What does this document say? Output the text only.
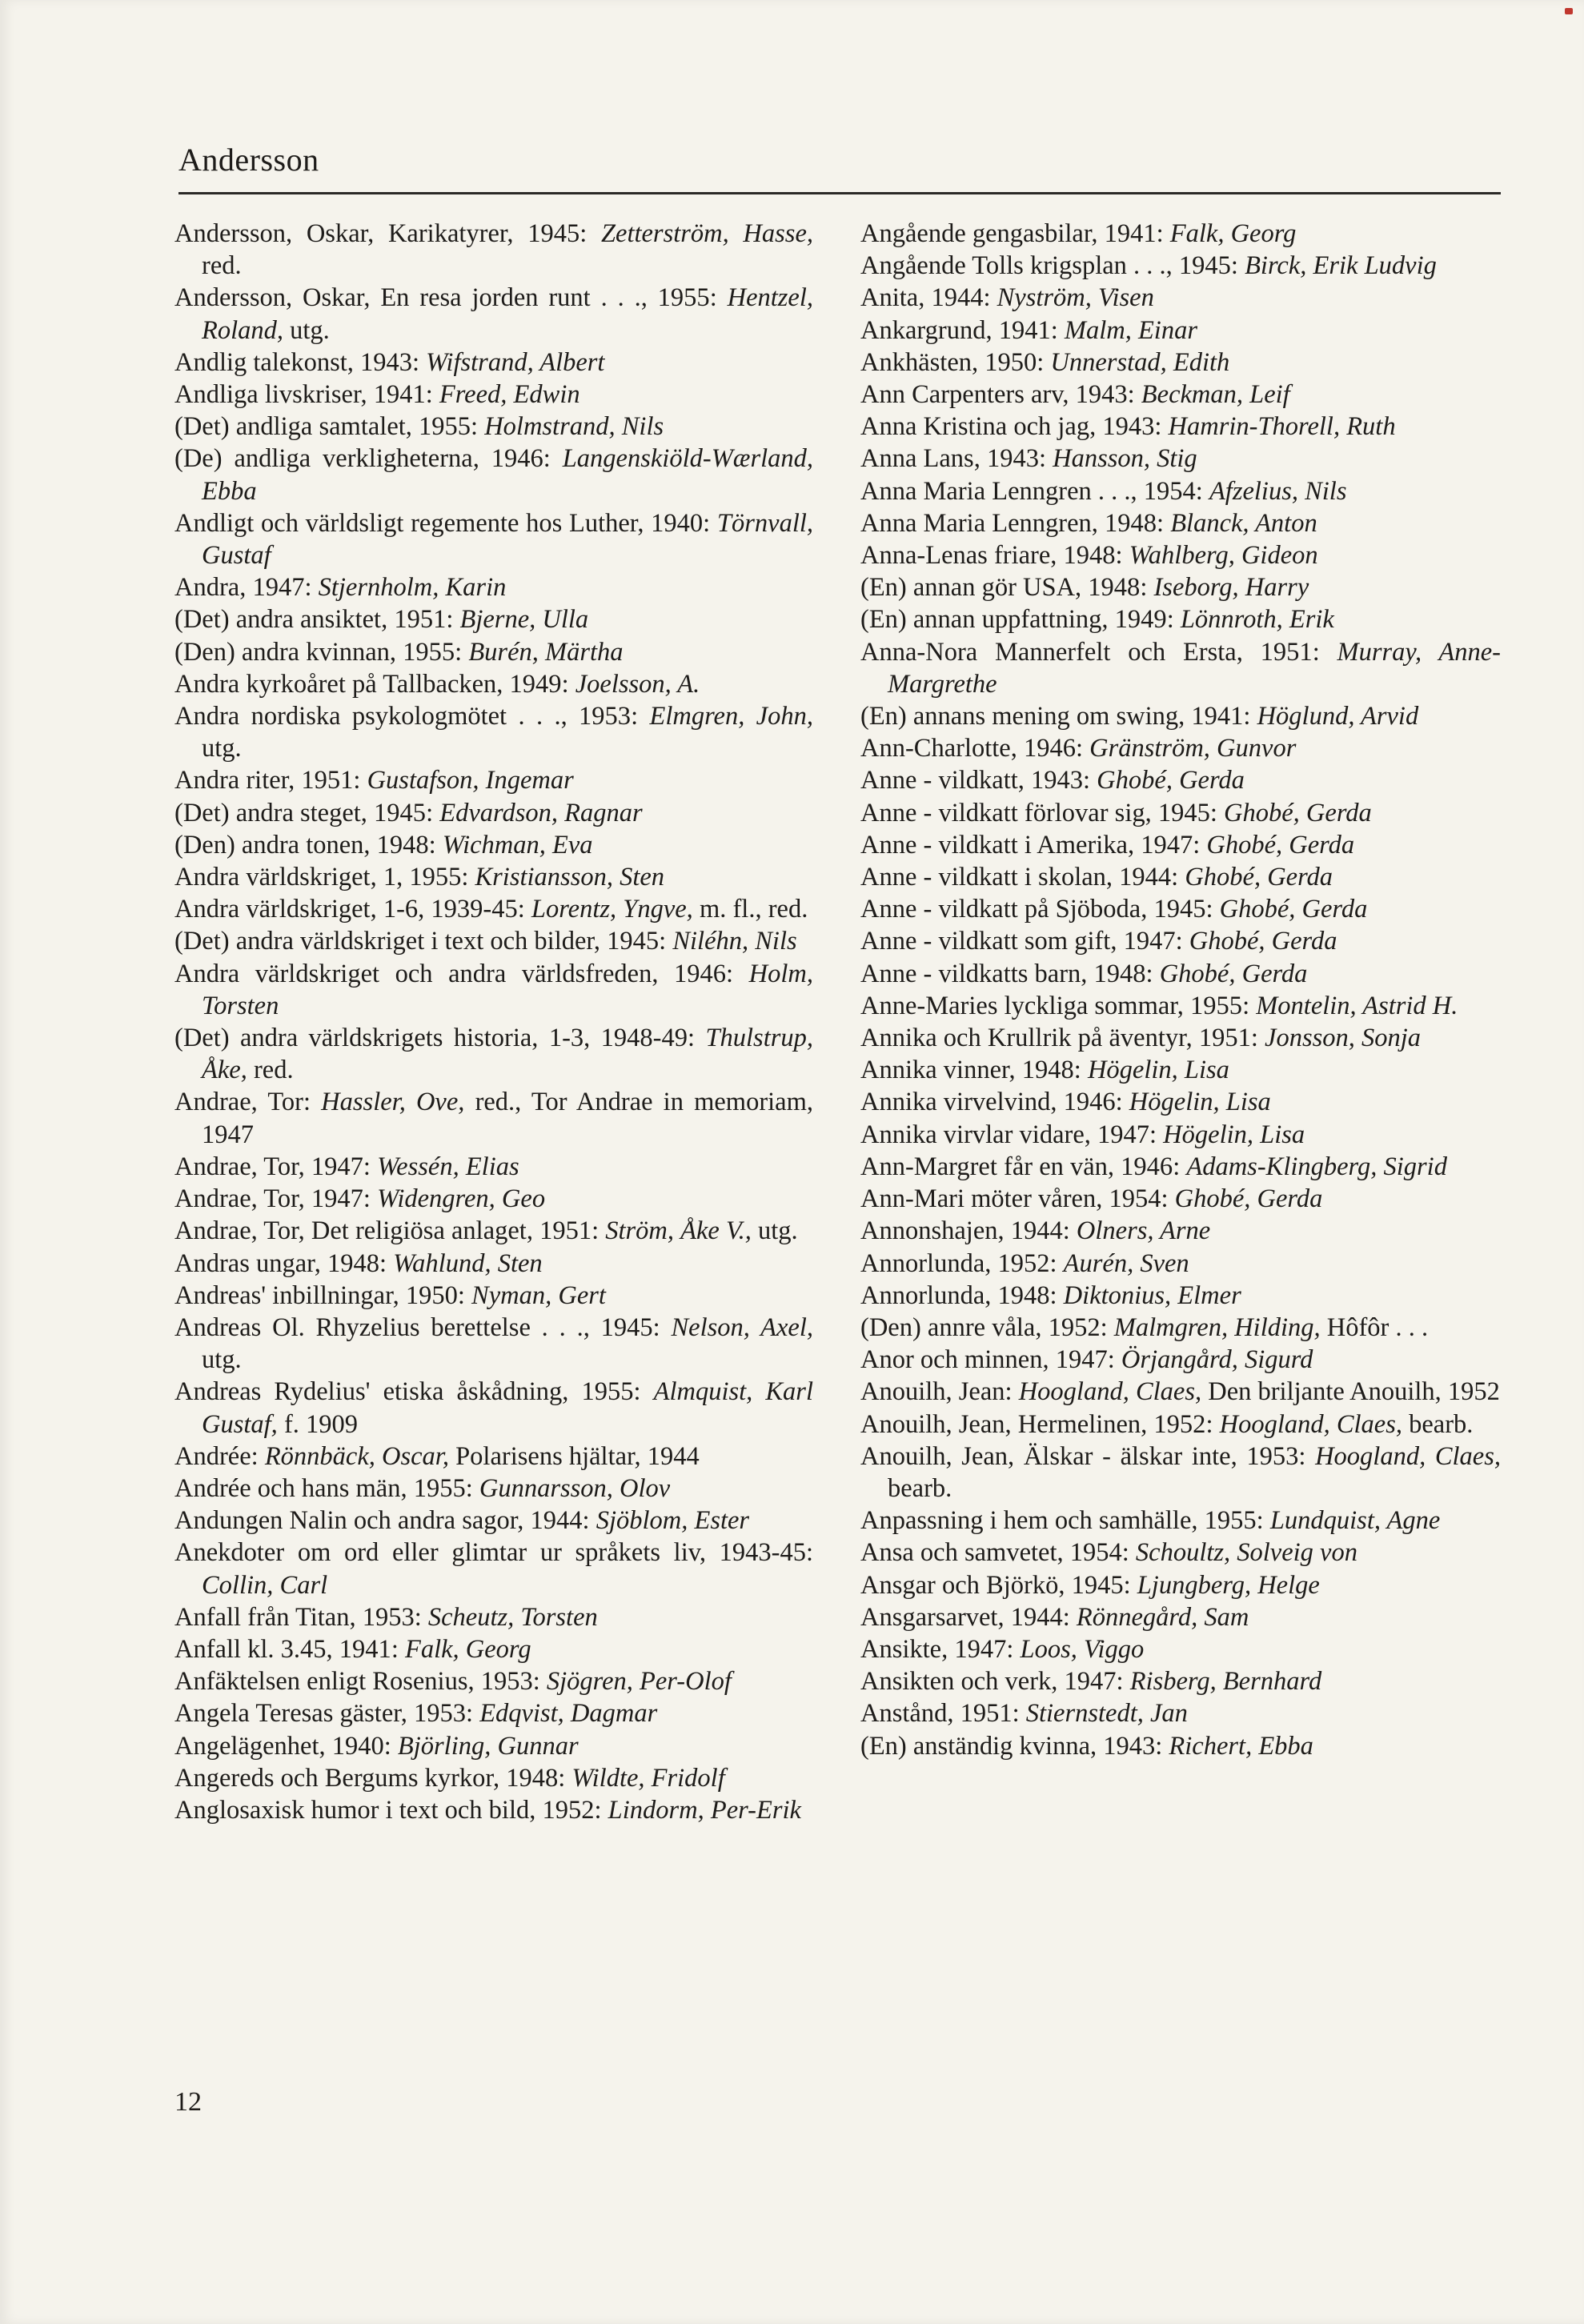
Andersson

Andersson, Oskar, Karikatyrer, 1945: Zetterström, Hasse, red.

Andersson, Oskar, En resa jorden runt . . ., 1955: Hentzel, Roland, utg.

Andlig talekonst, 1943: Wifstrand, Albert

Andliga livskriser, 1941: Freed, Edwin

(Det) andliga samtalet, 1955: Holmstrand, Nils

(De) andliga verkligheterna, 1946: Langenskiöld-Wærland, Ebba

Andligt och världsligt regemente hos Luther, 1940: Törnvall, Gustaf

Andra, 1947: Stjernholm, Karin

(Det) andra ansiktet, 1951: Bjerne, Ulla

(Den) andra kvinnan, 1955: Burén, Märtha

Andra kyrkoåret på Tallbacken, 1949: Joelsson, A.

Andra nordiska psykologmötet . . ., 1953: Elmgren, John, utg.

Andra riter, 1951: Gustafson, Ingemar

(Det) andra steget, 1945: Edvardson, Ragnar

(Den) andra tonen, 1948: Wichman, Eva

Andra världskriget, 1, 1955: Kristiansson, Sten

Andra världskriget, 1-6, 1939-45: Lorentz, Yngve, m. fl., red.

(Det) andra världskriget i text och bilder, 1945: Niléhn, Nils

Andra världskriget och andra världsfreden, 1946: Holm, Torsten

(Det) andra världskrigets historia, 1-3, 1948-49: Thulstrup, Åke, red.

Andrae, Tor: Hassler, Ove, red., Tor Andrae in memoriam, 1947

Andrae, Tor, 1947: Wessén, Elias

Andrae, Tor, 1947: Widengren, Geo

Andrae, Tor, Det religiösa anlaget, 1951: Ström, Åke V., utg.

Andras ungar, 1948: Wahlund, Sten

Andreas' inbillningar, 1950: Nyman, Gert

Andreas Ol. Rhyzelius berettelse . . ., 1945: Nelson, Axel, utg.

Andreas Rydelius' etiska åskådning, 1955: Almquist, Karl Gustaf, f. 1909

Andrée: Rönnbäck, Oscar, Polarisens hjältar, 1944

Andrée och hans män, 1955: Gunnarsson, Olov

Andungen Nalin och andra sagor, 1944: Sjöblom, Ester

Anekdoter om ord eller glimtar ur språkets liv, 1943-45: Collin, Carl

Anfall från Titan, 1953: Scheutz, Torsten

Anfall kl. 3.45, 1941: Falk, Georg

Anfäktelsen enligt Rosenius, 1953: Sjögren, Per-Olof

Angela Teresas gäster, 1953: Edqvist, Dagmar

Angelägenhet, 1940: Björling, Gunnar

Angereds och Bergums kyrkor, 1948: Wildte, Fridolf

Anglosaxisk humor i text och bild, 1952: Lindorm, Per-Erik

Angående gengasbilar, 1941: Falk, Georg

Angående Tolls krigsplan . . ., 1945: Birck, Erik Ludvig

Anita, 1944: Nyström, Visen

Ankargrund, 1941: Malm, Einar

Ankhästen, 1950: Unnerstad, Edith

Ann Carpenters arv, 1943: Beckman, Leif

Anna Kristina och jag, 1943: Hamrin-Thorell, Ruth

Anna Lans, 1943: Hansson, Stig

Anna Maria Lenngren . . ., 1954: Afzelius, Nils

Anna Maria Lenngren, 1948: Blanck, Anton

Anna-Lenas friare, 1948: Wahlberg, Gideon

(En) annan gör USA, 1948: Iseborg, Harry

(En) annan uppfattning, 1949: Lönnroth, Erik

Anna-Nora Mannerfelt och Ersta, 1951: Murray, Anne-Margrethe

(En) annans mening om swing, 1941: Höglund, Arvid

Ann-Charlotte, 1946: Gränström, Gunvor

Anne - vildkatt, 1943: Ghobé, Gerda

Anne - vildkatt förlovar sig, 1945: Ghobé, Gerda

Anne - vildkatt i Amerika, 1947: Ghobé, Gerda

Anne - vildkatt i skolan, 1944: Ghobé, Gerda

Anne - vildkatt på Sjöboda, 1945: Ghobé, Gerda

Anne - vildkatt som gift, 1947: Ghobé, Gerda

Anne - vildkatts barn, 1948: Ghobé, Gerda

Anne-Maries lyckliga sommar, 1955: Montelin, Astrid H.

Annika och Krullrik på äventyr, 1951: Jonsson, Sonja

Annika vinner, 1948: Högelin, Lisa

Annika virvelvind, 1946: Högelin, Lisa

Annika virvlar vidare, 1947: Högelin, Lisa

Ann-Margret får en vän, 1946: Adams-Klingberg, Sigrid

Ann-Mari möter våren, 1954: Ghobé, Gerda

Annonshajen, 1944: Olners, Arne

Annorlunda, 1952: Aurén, Sven

Annorlunda, 1948: Diktonius, Elmer

(Den) annre våla, 1952: Malmgren, Hilding, Hôfôr . . .

Anor och minnen, 1947: Örjangård, Sigurd

Anouilh, Jean: Hoogland, Claes, Den briljante Anouilh, 1952

Anouilh, Jean, Hermelinen, 1952: Hoogland, Claes, bearb.

Anouilh, Jean, Älskar - älskar inte, 1953: Hoogland, Claes, bearb.

Anpassning i hem och samhälle, 1955: Lundquist, Agne

Ansa och samvetet, 1954: Schoultz, Solveig von

Ansgar och Björkö, 1945: Ljungberg, Helge

Ansgarsarvet, 1944: Rönnegård, Sam

Ansikte, 1947: Loos, Viggo

Ansikten och verk, 1947: Risberg, Bernhard

Anstånd, 1951: Stiernstedt, Jan

(En) anständig kvinna, 1943: Richert, Ebba

12
